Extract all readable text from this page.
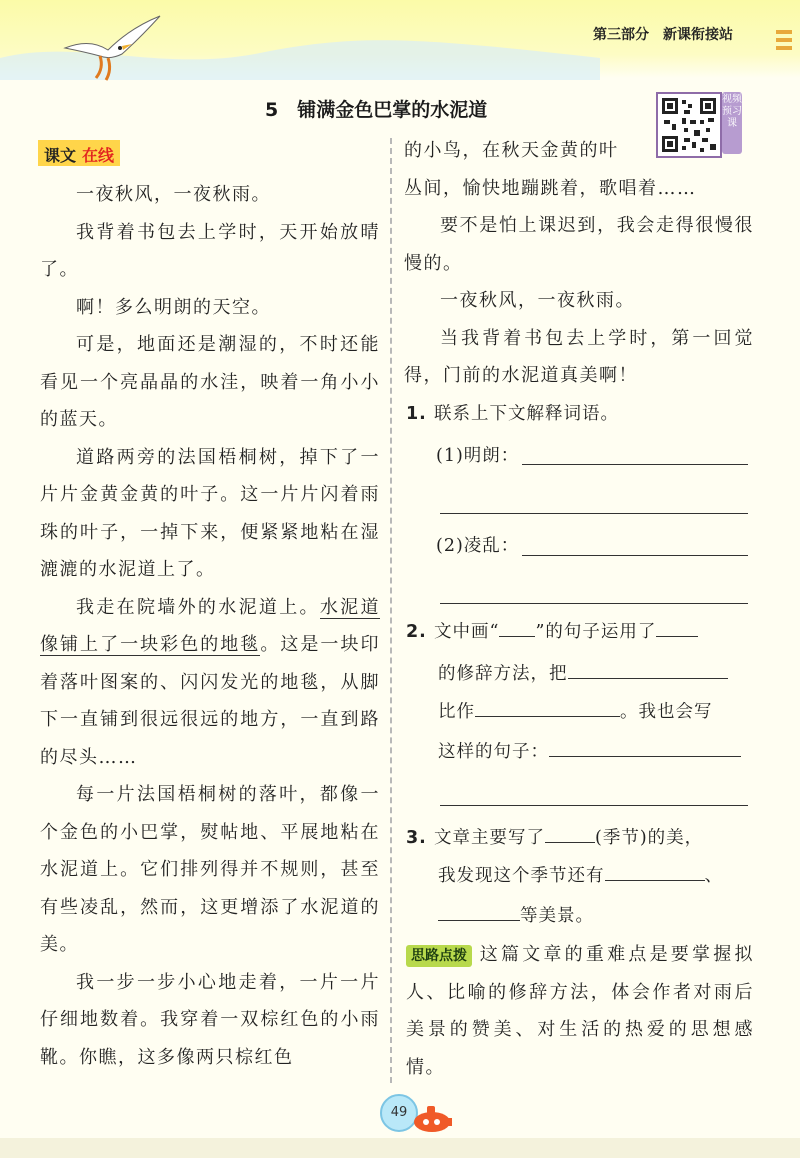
第三部分 新课衔接站
5　铺满金色巴掌的水泥道	视频预习课
课文 在线

一夜秋风，一夜秋雨。

我背着书包去上学时，天开始放晴了。

啊！多么明朗的天空。

可是，地面还是潮湿的，不时还能看见一个亮晶晶的水洼，映着一角小小的蓝天。

道路两旁的法国梧桐树，掉下了一片片金黄金黄的叶子。这一片片闪着雨珠的叶子，一掉下来，便紧紧地粘在湿漉漉的水泥道上了。

我走在院墙外的水泥道上。水泥道像铺上了一块彩色的地毯。这是一块印着落叶图案的、闪闪发光的地毯，从脚下一直铺到很远很远的地方，一直到路的尽头……

每一片法国梧桐树的落叶，都像一个金色的小巴掌，熨帖地、平展地粘在水泥道上。它们排列得并不规则，甚至有些凌乱，然而，这更增添了水泥道的美。

我一步一步小心地走着，一片一片仔细地数着。我穿着一双棕红色的小雨靴。你瞧，这多像两只棕红色

的小鸟，在秋天金黄的叶

丛间，愉快地蹦跳着，歌唱着……

要不是怕上课迟到，我会走得很慢很慢的。

一夜秋风，一夜秋雨。

当我背着书包去上学时，第一回觉得，门前的水泥道真美啊！

1. 联系上下文解释词语。
(1)明朗：
(2)凌乱：
2. 文中画“ ”的句子运用了
的修辞方法，把
比作	。我也会写
这样的句子：
3. 文章主要写了	(季节)的美，
我发现这个季节还有	、
等美景。

思路点拨 这篇文章的重难点是要掌握拟人、比喻的修辞方法，体会作者对雨后美景的赞美、对生活的热爱的思想感情。

49
